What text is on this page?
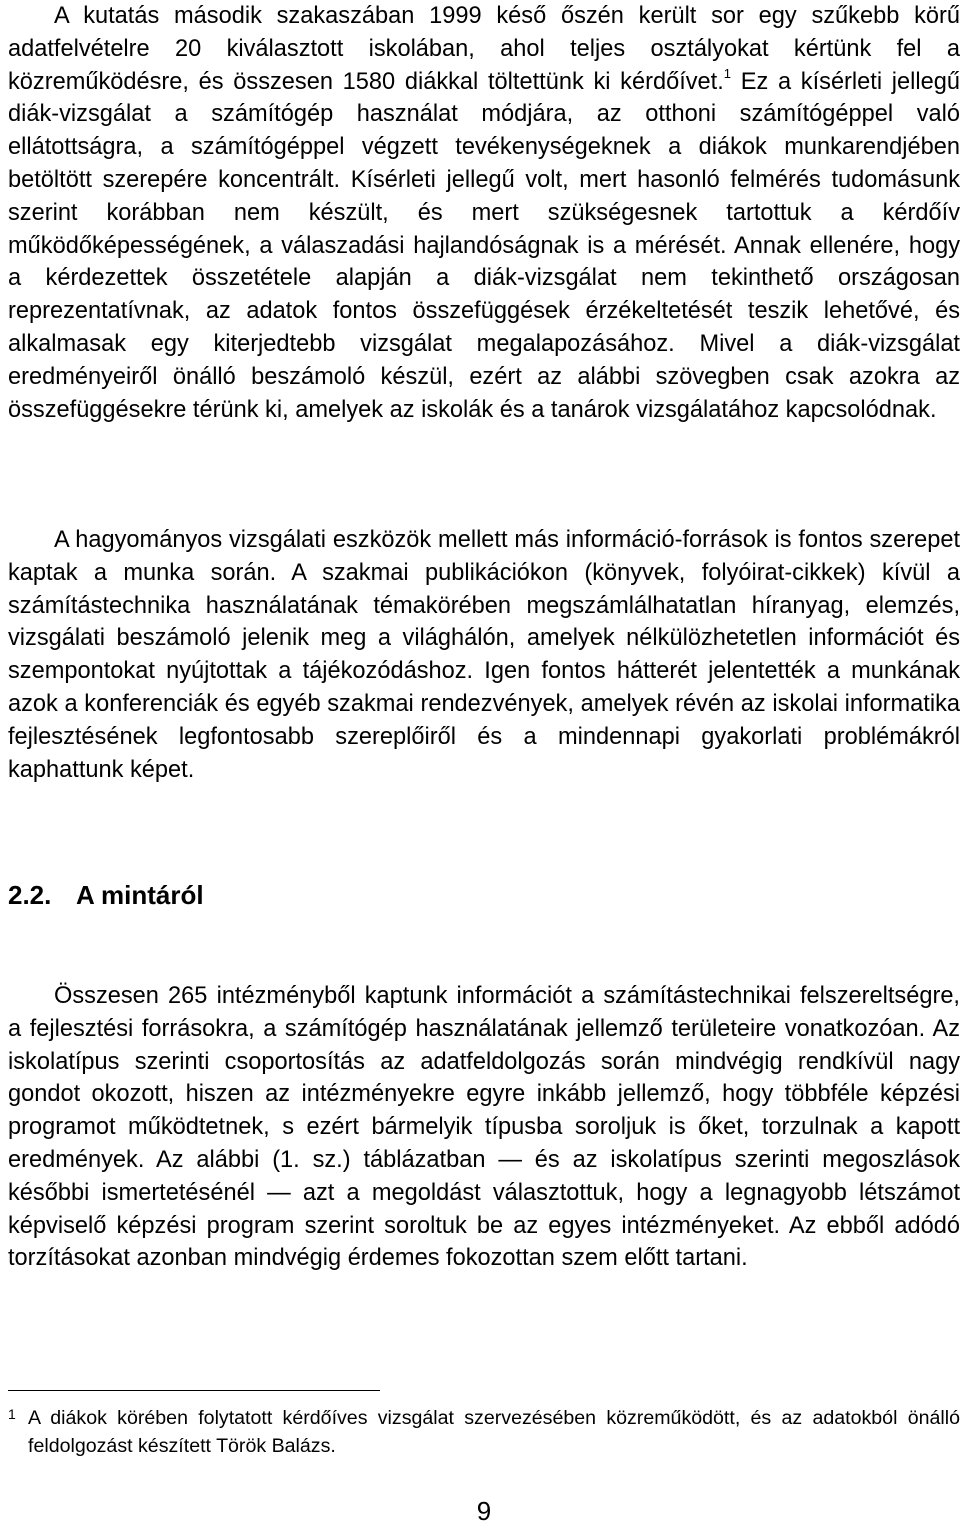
A kutatás második szakaszában 1999 késő őszén került sor egy szűkebb körű adatfelvételre 20 kiválasztott iskolában, ahol teljes osztályokat kértünk fel a közreműködésre, és összesen 1580 diákkal töltettünk ki kérdőívet.$^1$ Ez a kísérleti jellegű diák-vizsgálat a számítógép használat módjára, az otthoni számítógéppel való ellátottságra, a számítógéppel végzett tevékenységeknek a diákok munkarendjében betöltött szerepére koncentrált. Kísérleti jellegű volt, mert hasonló felmérés tudomásunk szerint korábban nem készült, és mert szükségesnek tartottuk a kérdőív működőképességének, a válaszadási hajlandóságnak is a mérését. Annak ellenére, hogy a kérdezettek összetétele alapján a diák-vizsgálat nem tekinthető országosan reprezentatívnak, az adatok fontos összefüggések érzékeltetését teszik lehetővé, és alkalmasak egy kiterjedtebb vizsgálat megalapozásához. Mivel a diák-vizsgálat eredményeiről önálló beszámoló készül, ezért az alábbi szövegben csak azokra az összefüggésekre térünk ki, amelyek az iskolák és a tanárok vizsgálatához kapcsolódnak.

A hagyományos vizsgálati eszközök mellett más információ-források is fontos szerepet kaptak a munka során. A szakmai publikációkon (könyvek, folyóirat-cikkek) kívül a számítástechnika használatának témakörében megszámlálhatatlan híranyag, elemzés, vizsgálati beszámoló jelenik meg a világhálón, amelyek nélkülözhetetlen információt és szempontokat nyújtottak a tájékozódáshoz. Igen fontos hátterét jelentették a munkának azok a konferenciák és egyéb szakmai rendezvények, amelyek révén az iskolai informatika fejlesztésének legfontosabb szereplőiről és a mindennapi gyakorlati problémákról kaphattunk képet.

2.2. A mintáról

Összesen 265 intézményből kaptunk információt a számítástechnikai felszereltségre, a fejlesztési forrásokra, a számítógép használatának jellemző területeire vonatkozóan. Az iskolatípus szerinti csoportosítás az adatfeldolgozás során mindvégig rendkívül nagy gondot okozott, hiszen az intézményekre egyre inkább jellemző, hogy többféle képzési programot működtetnek, s ezért bármelyik típusba soroljuk is őket, torzulnak a kapott eredmények. Az alábbi (1. sz.) táblázatban — és az iskolatípus szerinti megoszlások későbbi ismertetésénél — azt a megoldást választottuk, hogy a legnagyobb létszámot képviselő képzési program szerint soroltuk be az egyes intézményeket. Az ebből adódó torzításokat azonban mindvégig érdemes fokozottan szem előtt tartani.

1 A diákok körében folytatott kérdőíves vizsgálat szervezésében közreműködött, és az adatokból önálló feldolgozást készített Török Balázs.

9
